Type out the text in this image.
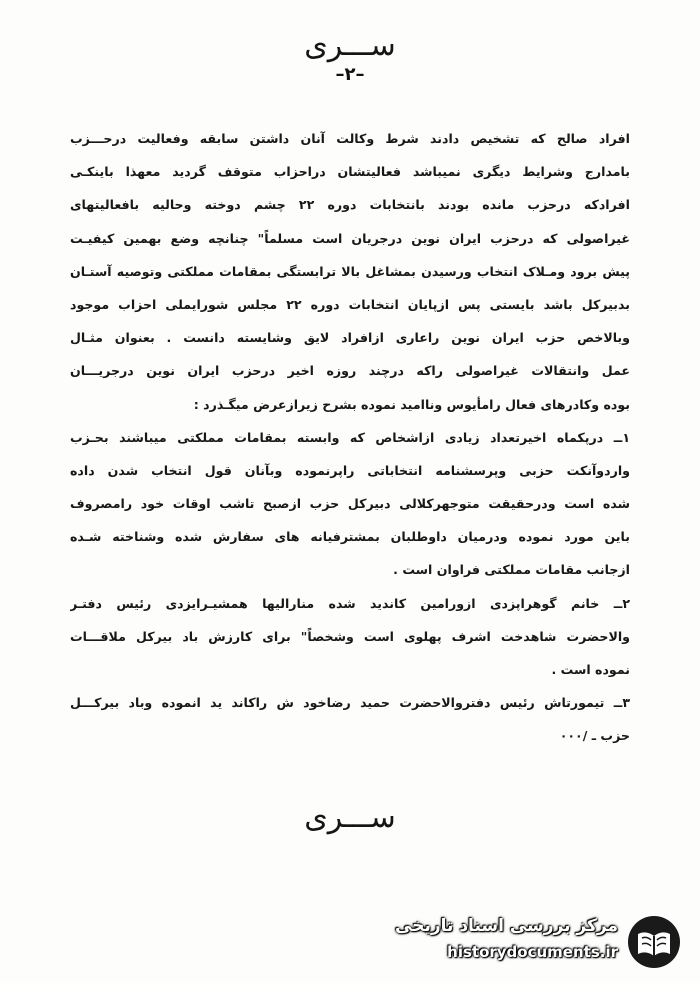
ســـرى
–۲–
افراد صالح که تشخیص دادند شرط وکالت آنان داشتن سابقه وفعالیت درحـــزب
بامدارج وشرایط دیگری نمیباشد فعالیتشان دراحزاب متوقف گردید معهذا باینکـی
افرادکه درحزب مانده بودند بانتخابات دوره ۲۲ چشم دوخته وحالیه بافعالیتهای
غیراصولی که درحزب ایران نوین درجریان است مسلماً" چنانچه وضع بهمین کیفیـت
پیش برود ومـلاک انتخاب ورسیدن بمشاغل بالا ترابستگی بمقامات مملکتی وتوصیه آستـان
بدبیرکل باشد بایستی پس ازپایان انتخابات دوره ۲۲ مجلس شورایملی احزاب موجود
وبالاخص حزب ایران نوین راعاری ازافراد لایق وشایسته دانست . بعنوان مثـال
عمل وانتقالات غیراصولی راکه درچند روزه اخیر درحزب ایران نوین درجریـــان
بوده وکادرهای فعال رامأیوس وناامید نموده بشرح زیرازعرض میگـذرد :
۱ــ درپکماه اخیرتعداد زیادی ازاشخاص که وابسته بمقامات مملکتی میباشند بحـزب
واردوآنکت حزبی وپرسشنامه انتخاباتی راپرنموده وبآنان قول انتخاب شدن داده
شده است ودرحقیقت متوجهرکلالی دبیرکل حزب ازصبح تاشب اوقات خود رامصروف
باین مورد نموده ودرمیان داوطلبان بمشترفیانه های سفارش شده وشناخته شـده
ازجانب مقامات مملکتی فراوان است .
۲ــ خانم گوهراپزدی ازورامین کاندید شده منارالیها همشیـرایزدی رئیس دفتـر
والاحضرت شاهدخت اشرف پهلوی است وشخصاً" برای کارزش باد بیرکل ملاقـــات
نموده است .
۳ــ تیمورتاش رئیس دفتروالاحضرت حمید رضاخود ش راکاند ید انموده وباد بیرکـــل
حزب ـ /۰۰۰
ســـرى
مرکز بررسی اسناد تاریخی
historydocuments.ir
